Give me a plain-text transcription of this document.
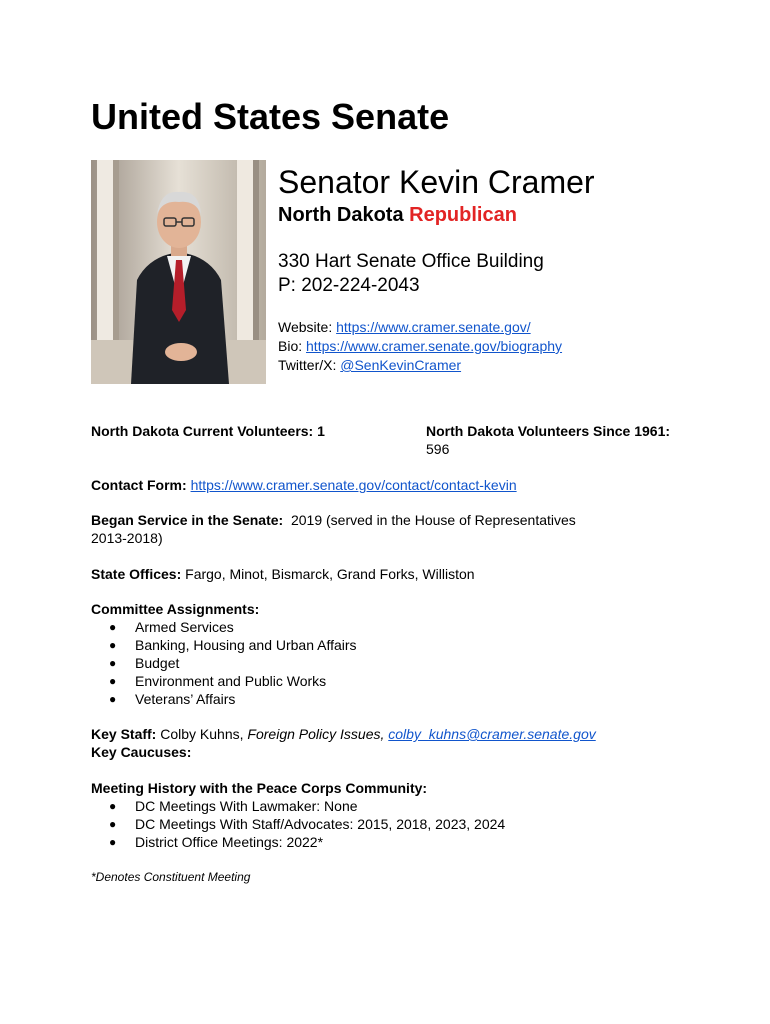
United States Senate
Senator Kevin Cramer
North Dakota Republican
330 Hart Senate Office Building
P: 202-224-2043
Website: https://www.cramer.senate.gov/
Bio: https://www.cramer.senate.gov/biography
Twitter/X: @SenKevinCramer
North Dakota Current Volunteers: 1	North Dakota Volunteers Since 1961:
596
Contact Form: https://www.cramer.senate.gov/contact/contact-kevin
Began Service in the Senate: 2019 (served in the House of Representatives
2013-2018)
State Offices: Fargo, Minot, Bismarck, Grand Forks, Williston
Committee Assignments:
● Armed Services
● Banking, Housing and Urban Affairs
● Budget
● Environment and Public Works
● Veterans’ Affairs
Key Staff: Colby Kuhns, Foreign Policy Issues, colby_kuhns@cramer.senate.gov
Key Caucuses:
Meeting History with the Peace Corps Community:
● DC Meetings With Lawmaker: None
● DC Meetings With Staff/Advocates: 2015, 2018, 2023, 2024
● District Office Meetings: 2022*
*Denotes Constituent Meeting
